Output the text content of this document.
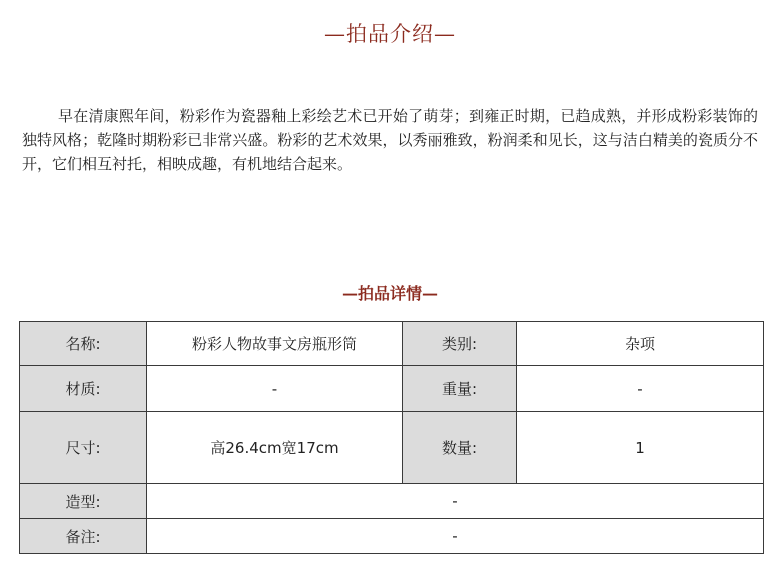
—拍品介绍—

早在清康熙年间，粉彩作为瓷器釉上彩绘艺术已开始了萌芽；到雍正时期，已趋成熟，并形成粉彩装饰的独特风格；乾隆时期粉彩已非常兴盛。粉彩的艺术效果，以秀丽雅致，粉润柔和见长，这与洁白精美的瓷质分不开，它们相互衬托，相映成趣，有机地结合起来。

—拍品详情—
名称:	粉彩人物故事文房瓶形筒	类别:	杂项
材质:	-	重量:	-
尺寸:	高26.4cm宽17cm	数量:	1
造型:	-		
备注:	-		
